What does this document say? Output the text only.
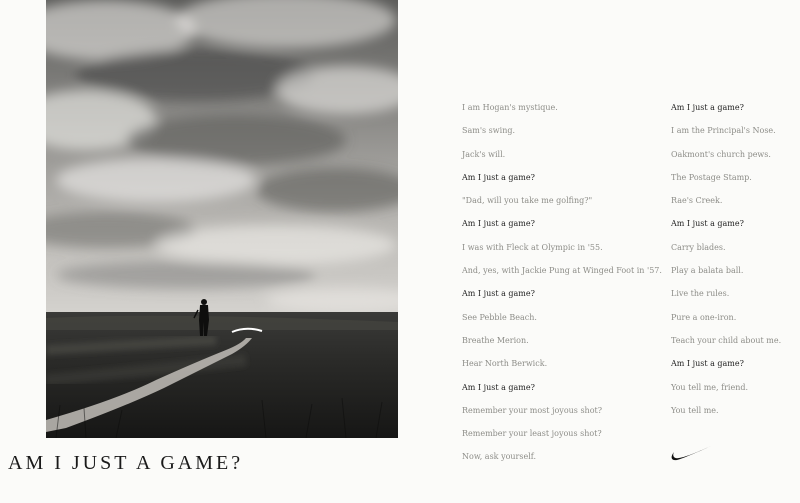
AM I JUST A GAME?
I am Hogan's mystique.
Sam's swing.
Jack's will.
Am I just a game?
"Dad, will you take me golfing?"
Am I just a game?
I was with Fleck at Olympic in '55.
And, yes, with Jackie Pung at Winged Foot in '57.
Am I just a game?
See Pebble Beach.
Breathe Merion.
Hear North Berwick.
Am I just a game?
Remember your most joyous shot?
Remember your least joyous shot?
Now, ask yourself.
Am I just a game?
I am the Principal's Nose.
Oakmont's church pews.
The Postage Stamp.
Rae's Creek.
Am I just a game?
Carry blades.
Play a balata ball.
Live the rules.
Pure a one-iron.
Teach your child about me.
Am I just a game?
You tell me, friend.
You tell me.
